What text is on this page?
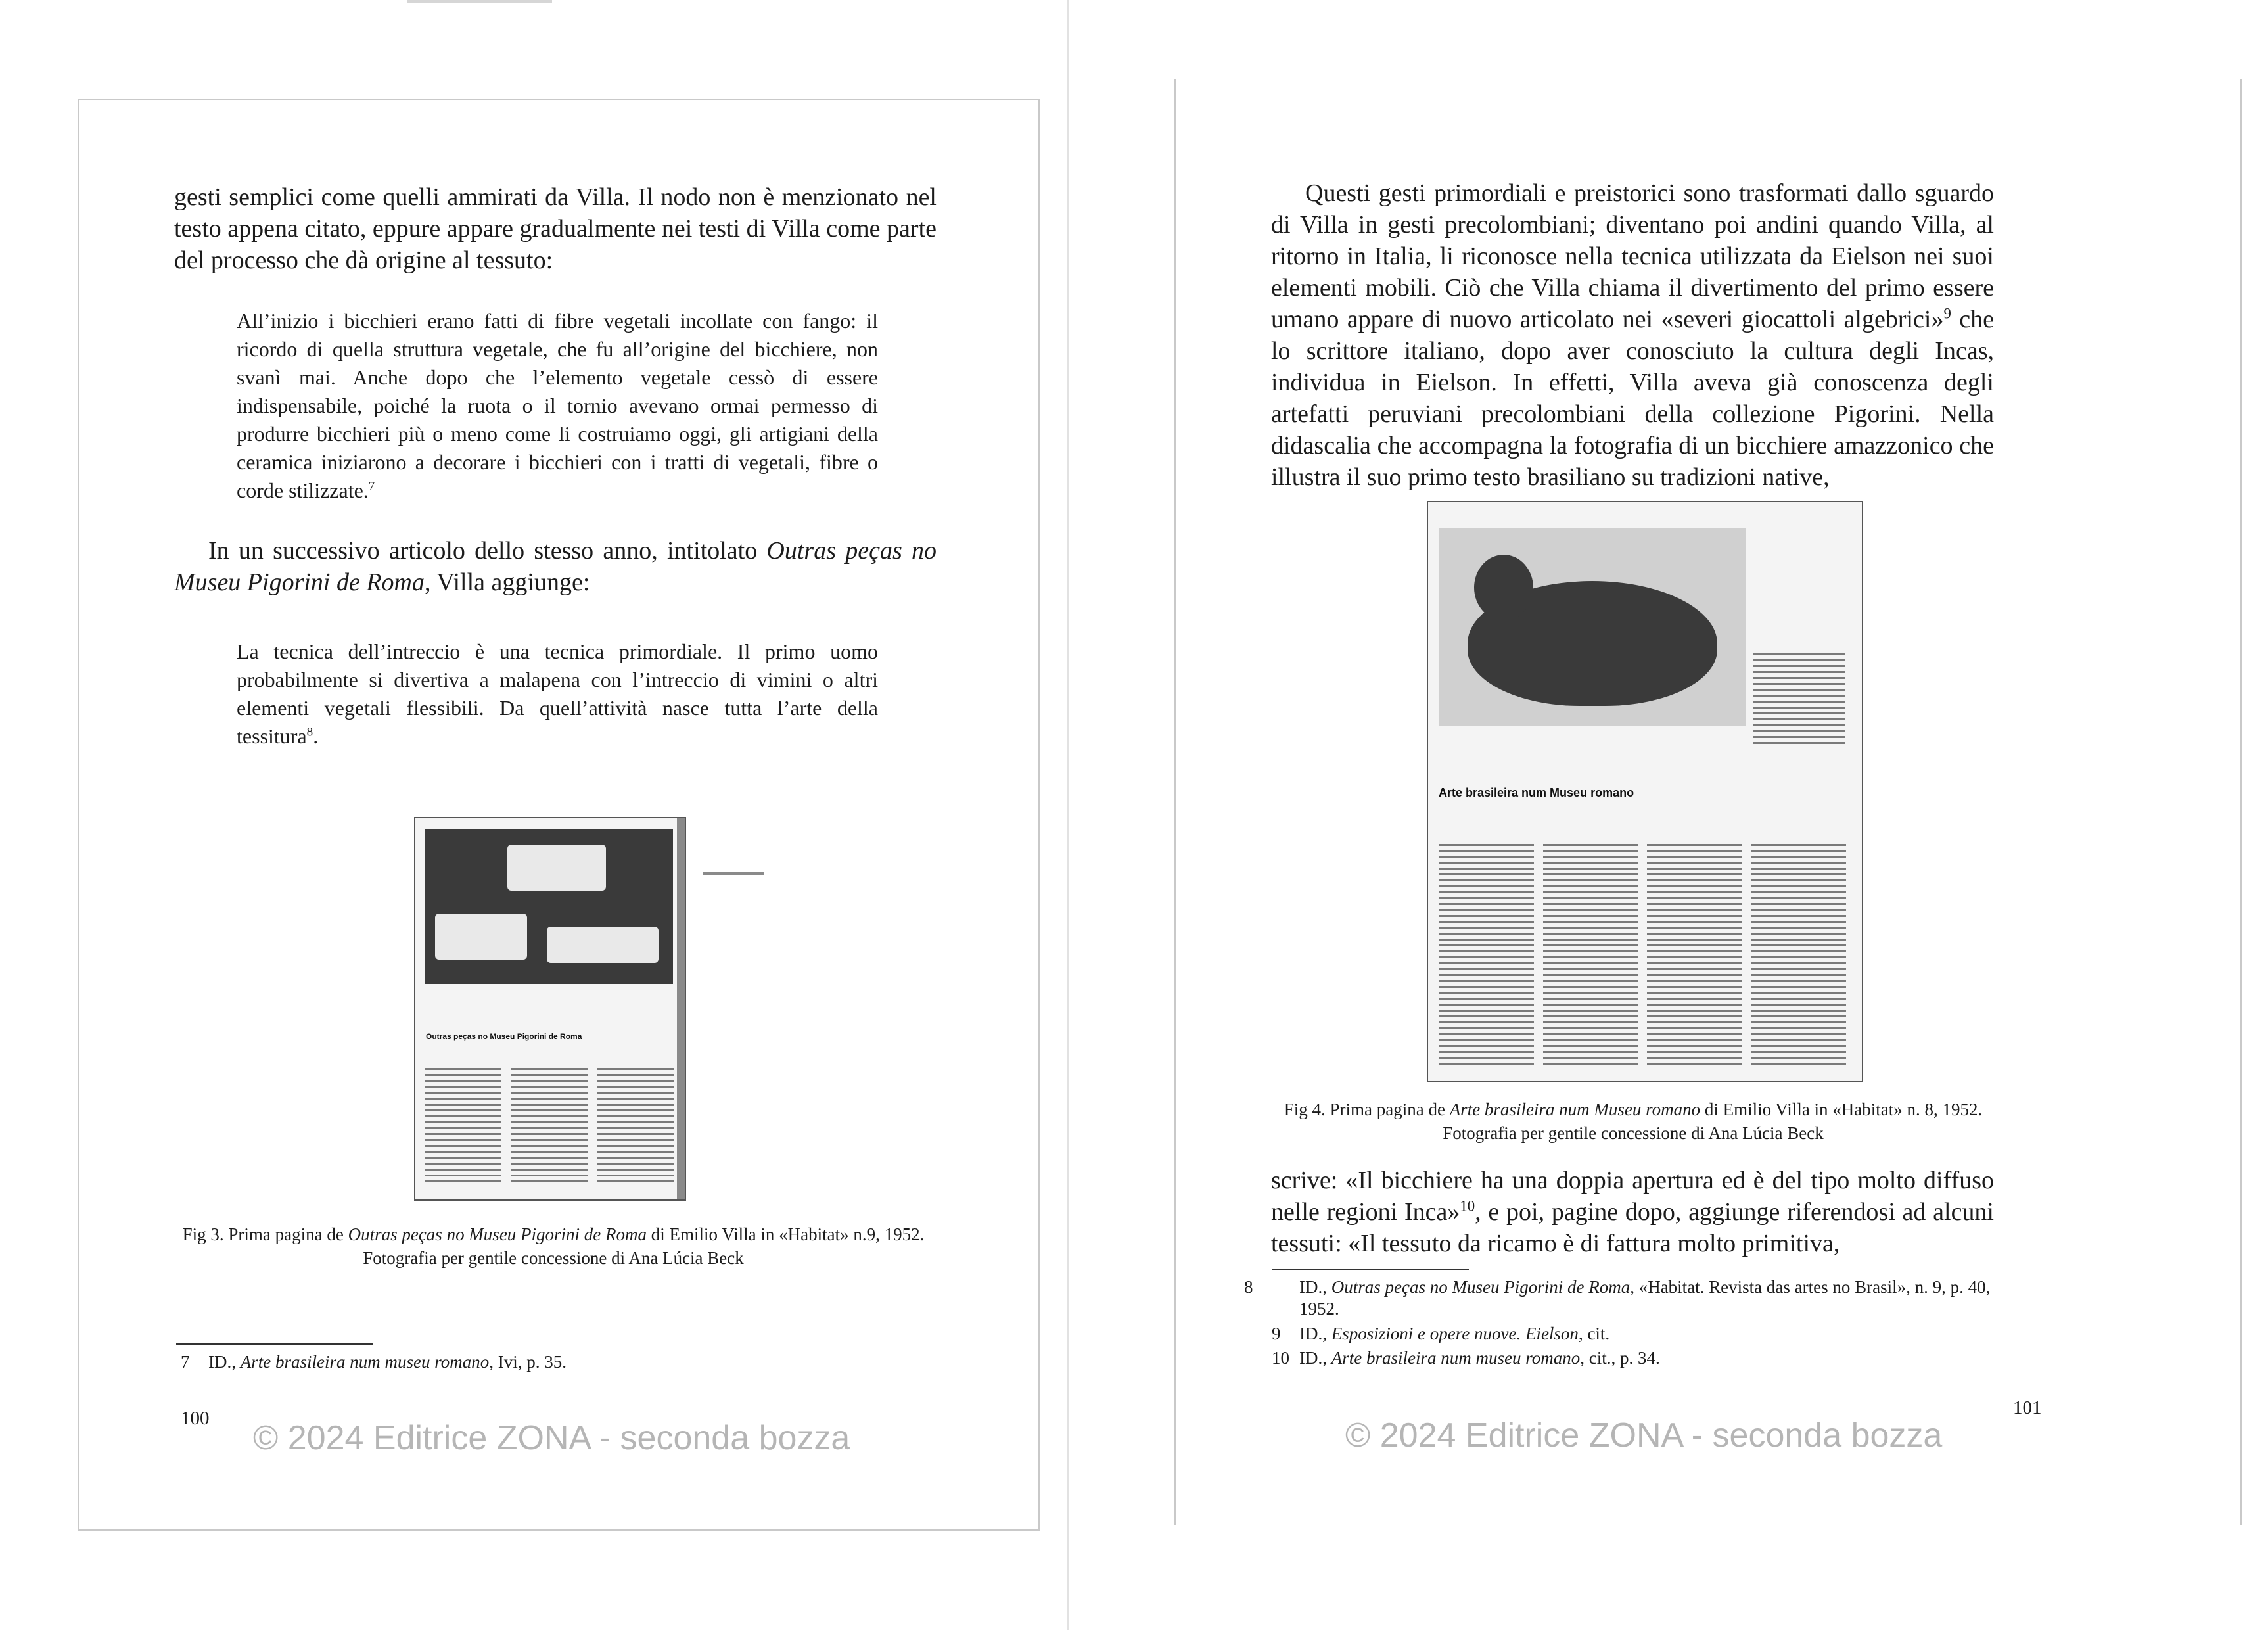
gesti semplici come quelli ammirati da Villa. Il nodo non è menzionato nel testo appena citato, eppure appare gradualmente nei testi di Villa come parte del processo che dà origine al tessuto:

All’inizio i bicchieri erano fatti di fibre vegetali incollate con fango: il ricordo di quella struttura vegetale, che fu all’origine del bicchiere, non svanì mai. Anche dopo che l’elemento vegetale cessò di essere indispensabile, poiché la ruota o il tornio avevano ormai permesso di produrre bicchieri più o meno come li costruiamo oggi, gli artigiani della ceramica iniziarono a decorare i bicchieri con i tratti di vegetali, fibre o corde stilizzate.$^7$

In un successivo articolo dello stesso anno, intitolato Outras peças no Museu Pigorini de Roma, Villa aggiunge:

La tecnica dell’intreccio è una tecnica primordiale. Il primo uomo probabilmente si divertiva a malapena con l’intreccio di vimini o altri elementi vegetali flessibili. Da quell’attività nasce tutta l’arte della tessitura$^8$.

Outras peças no Museu Pigorini de Roma

Fig 3. Prima pagina de Outras peças no Museu Pigorini de Roma di Emilio Villa in «Habitat» n.9, 1952. Fotografia per gentile concessione di Ana Lúcia Beck

7 ID., Arte brasileira num museu romano, Ivi, p. 35.

100
© 2024 Editrice ZONA - seconda bozza

Questi gesti primordiali e preistorici sono trasformati dallo sguardo di Villa in gesti precolombiani; diventano poi andini quando Villa, al ritorno in Italia, li riconosce nella tecnica utilizzata da Eielson nei suoi elementi mobili. Ciò che Villa chiama il divertimento del primo essere umano appare di nuovo articolato nei «severi giocattoli algebrici»$^9$ che lo scrittore italiano, dopo aver conosciuto la cultura degli Incas, individua in Eielson. In effetti, Villa aveva già conoscenza degli artefatti peruviani precolombiani della collezione Pigorini. Nella didascalia che accompagna la fotografia di un bicchiere amazzonico che illustra il suo primo testo brasiliano su tradizioni native,

Arte brasileira num Museu romano

Fig 4. Prima pagina de Arte brasileira num Museu romano di Emilio Villa in «Habitat» n. 8, 1952. Fotografia per gentile concessione di Ana Lúcia Beck

scrive: «Il bicchiere ha una doppia apertura ed è del tipo molto diffuso nelle regioni Inca»$^{10}$, e poi, pagine dopo, aggiunge riferendosi ad alcuni tessuti: «Il tessuto da ricamo è di fattura molto primitiva,

8	ID., Outras peças no Museu Pigorini de Roma, «Habitat. Revista das artes no Brasil», n. 9, p. 40, 1952.

9 ID., Esposizioni e opere nuove. Eielson, cit.

10 ID., Arte brasileira num museu romano, cit., p. 34.

101
© 2024 Editrice ZONA - seconda bozza
